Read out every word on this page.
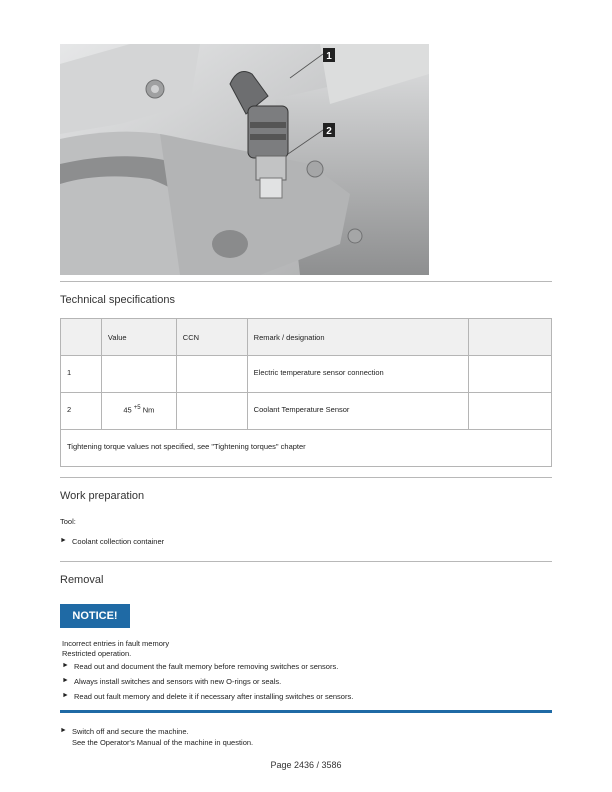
1
2
Technical specifications
	Value	CCN	Remark / designation	
1			Electric temperature sensor connection	
2	45 $^{+5}$ Nm		Coolant Temperature Sensor	
Tightening torque values not specified, see "Tightening torques" chapter				
Work preparation
Tool:
► Coolant collection container
Removal
NOTICE!
Incorrect entries in fault memory
Restricted operation.
► Read out and document the fault memory before removing switches or sensors.
► Always install switches and sensors with new O-rings or seals.
► Read out fault memory and delete it if necessary after installing switches or sensors.
► Switch off and secure the machine.
See the Operator's Manual of the machine in question.
Page 2436 / 3586
